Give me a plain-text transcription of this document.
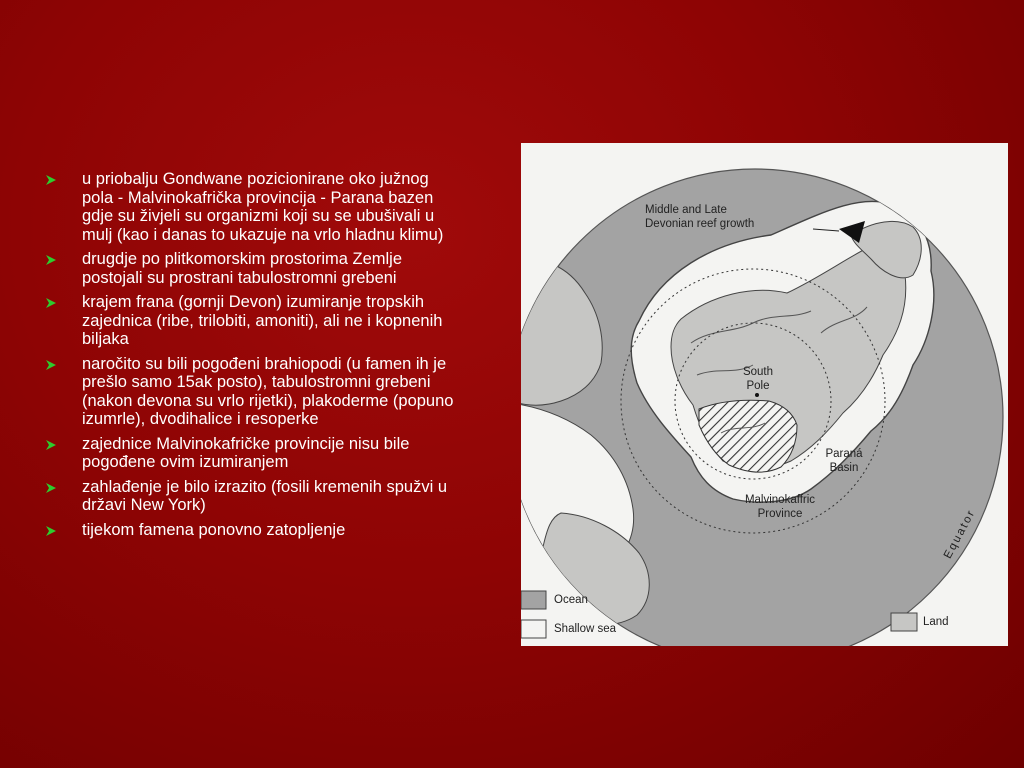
u priobalju Gondwane pozicionirane oko južnog pola - Malvinokafrička provincija - Parana bazen gdje su živjeli su organizmi koji su se ubušivali u mulj (kao i danas to ukazuje na vrlo hladnu klimu)
drugdje po plitkomorskim prostorima Zemlje postojali su prostrani tabulostromni grebeni
krajem frana (gornji Devon) izumiranje tropskih zajednica (ribe, trilobiti, amoniti), ali ne i kopnenih biljaka
naročito su bili pogođeni brahiopodi (u famen ih je prešlo samo 15ak posto), tabulostromni grebeni (nakon devona su vrlo rijetki), plakoderme (popuno izumrle), dvodihalice i resoperke
zajednice Malvinokafričke provincije nisu bile pogođene ovim izumiranjem
zahlađenje je bilo izrazito (fosili kremenih spužvi u državi New York)
tijekom famena ponovno zatopljenje
Middle and Late
Devonian reef growth
South
Pole
Paraná
Basin
Malvinokaffric
Province	Equator
Ocean
Shallow sea
Land
